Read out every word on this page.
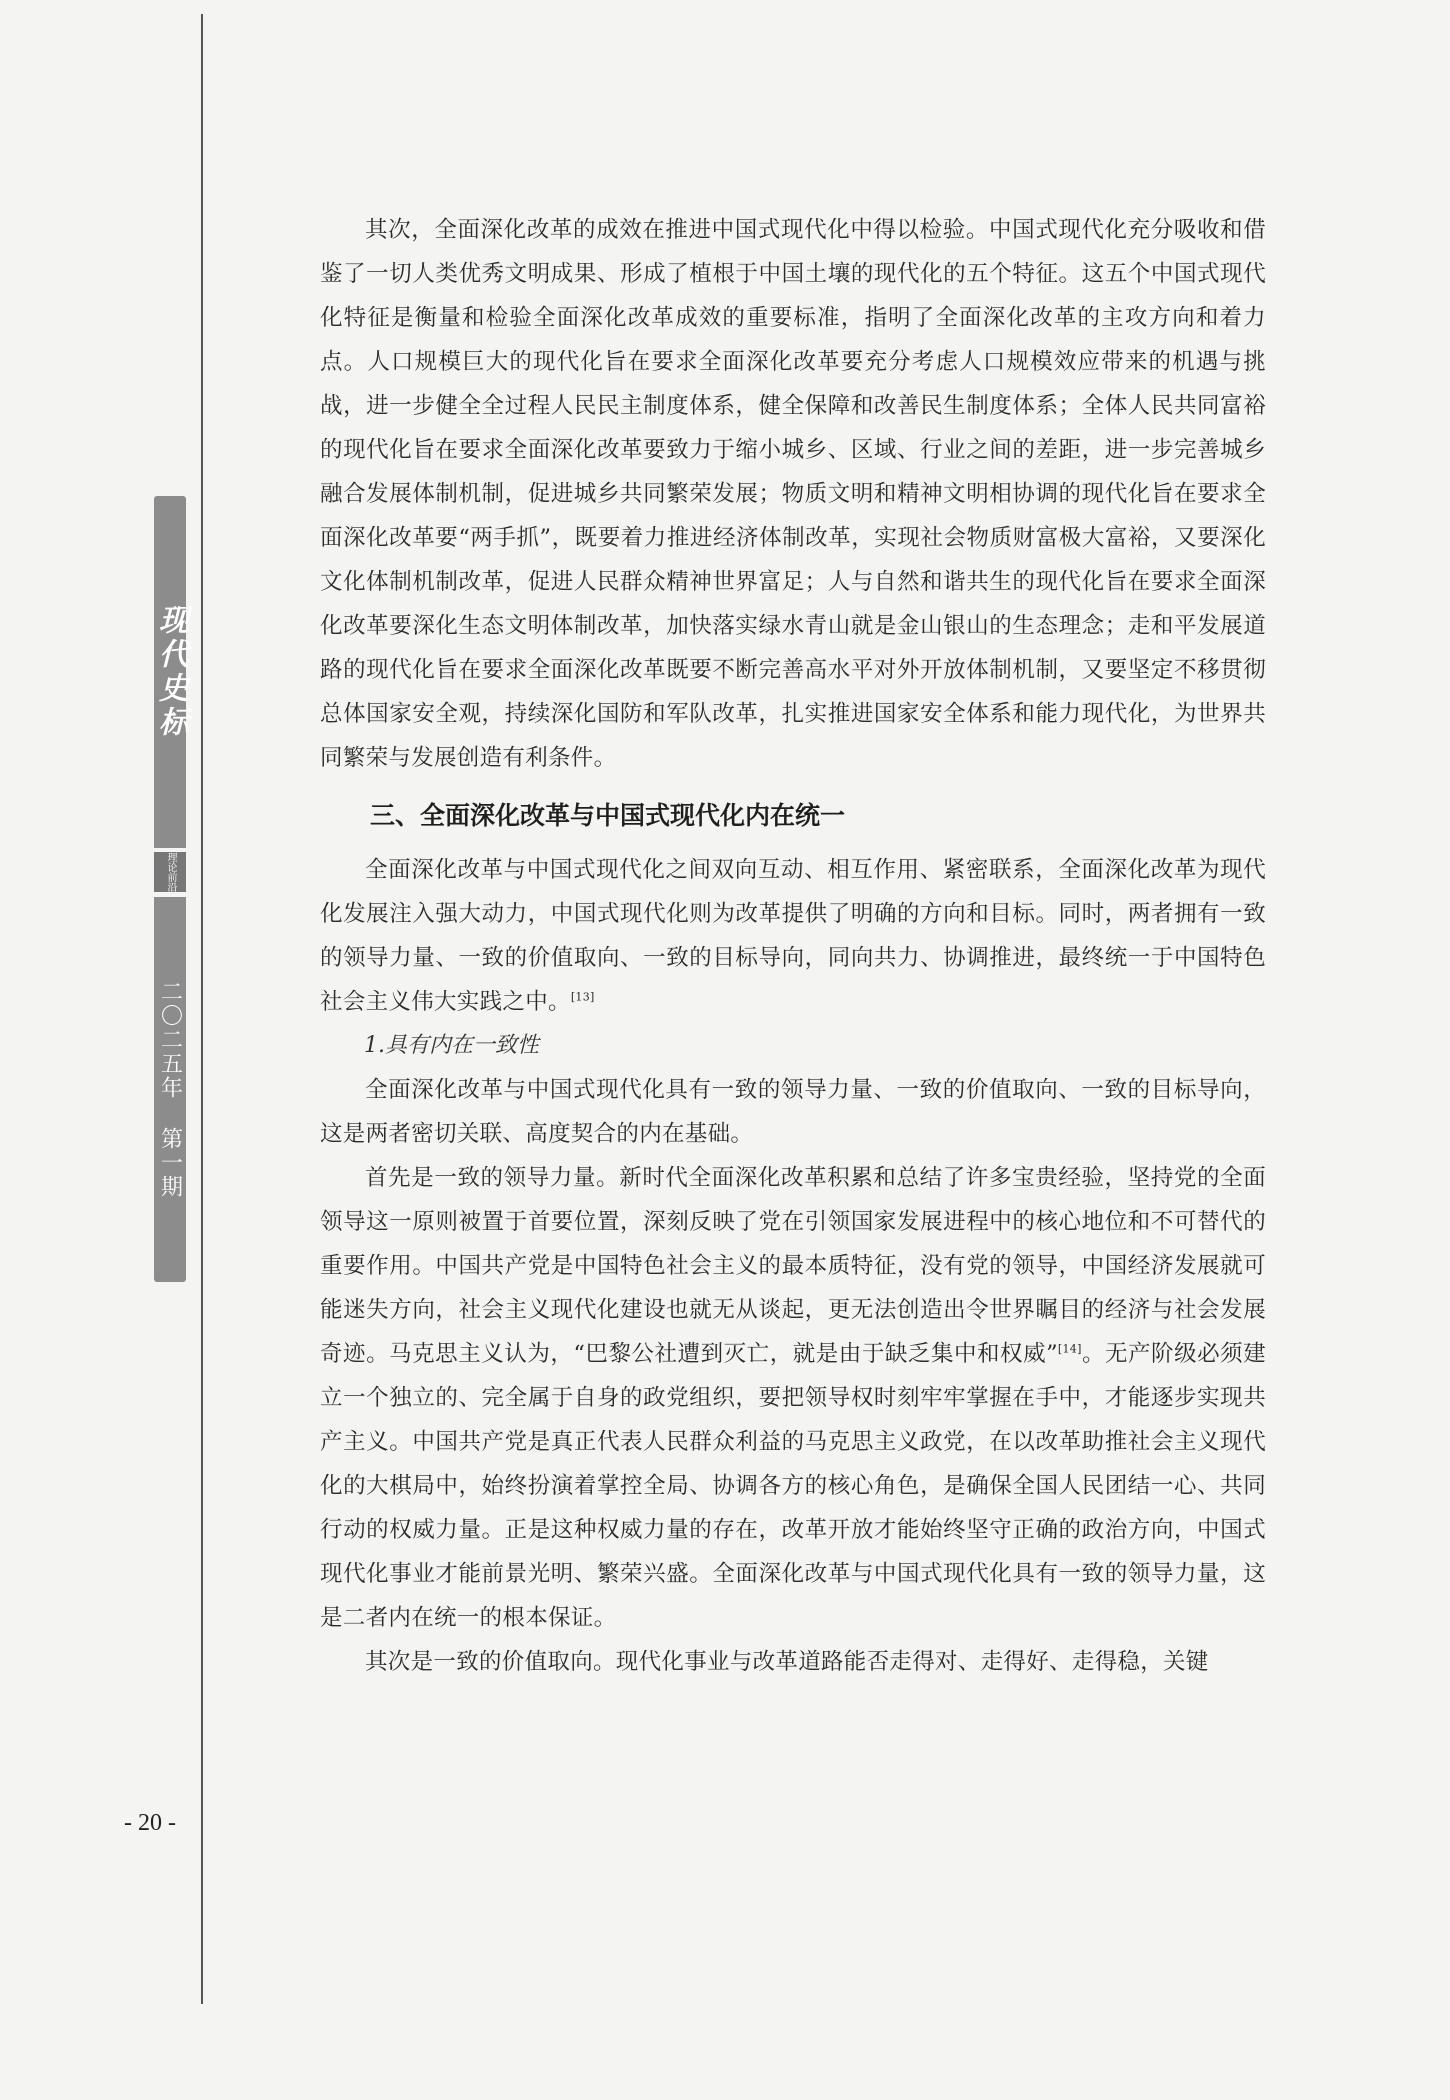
现代史标
理论前沿
二〇二五年 第一期
- 20 -

其次，全面深化改革的成效在推进中国式现代化中得以检验。中国式现代化充分吸收和借鉴了一切人类优秀文明成果、形成了植根于中国土壤的现代化的五个特征。这五个中国式现代化特征是衡量和检验全面深化改革成效的重要标准，指明了全面深化改革的主攻方向和着力点。人口规模巨大的现代化旨在要求全面深化改革要充分考虑人口规模效应带来的机遇与挑战，进一步健全全过程人民民主制度体系，健全保障和改善民生制度体系；全体人民共同富裕的现代化旨在要求全面深化改革要致力于缩小城乡、区域、行业之间的差距，进一步完善城乡融合发展体制机制，促进城乡共同繁荣发展；物质文明和精神文明相协调的现代化旨在要求全面深化改革要“两手抓”，既要着力推进经济体制改革，实现社会物质财富极大富裕，又要深化文化体制机制改革，促进人民群众精神世界富足；人与自然和谐共生的现代化旨在要求全面深化改革要深化生态文明体制改革，加快落实绿水青山就是金山银山的生态理念；走和平发展道路的现代化旨在要求全面深化改革既要不断完善高水平对外开放体制机制，又要坚定不移贯彻总体国家安全观，持续深化国防和军队改革，扎实推进国家安全体系和能力现代化，为世界共同繁荣与发展创造有利条件。

三、全面深化改革与中国式现代化内在统一

全面深化改革与中国式现代化之间双向互动、相互作用、紧密联系，全面深化改革为现代化发展注入强大动力，中国式现代化则为改革提供了明确的方向和目标。同时，两者拥有一致的领导力量、一致的价值取向、一致的目标导向，同向共力、协调推进，最终统一于中国特色社会主义伟大实践之中。[13]

1.具有内在一致性

全面深化改革与中国式现代化具有一致的领导力量、一致的价值取向、一致的目标导向，这是两者密切关联、高度契合的内在基础。

首先是一致的领导力量。新时代全面深化改革积累和总结了许多宝贵经验，坚持党的全面领导这一原则被置于首要位置，深刻反映了党在引领国家发展进程中的核心地位和不可替代的重要作用。中国共产党是中国特色社会主义的最本质特征，没有党的领导，中国经济发展就可能迷失方向，社会主义现代化建设也就无从谈起，更无法创造出令世界瞩目的经济与社会发展奇迹。马克思主义认为，“巴黎公社遭到灭亡，就是由于缺乏集中和权威”[14]。无产阶级必须建立一个独立的、完全属于自身的政党组织，要把领导权时刻牢牢掌握在手中，才能逐步实现共产主义。中国共产党是真正代表人民群众利益的马克思主义政党，在以改革助推社会主义现代化的大棋局中，始终扮演着掌控全局、协调各方的核心角色，是确保全国人民团结一心、共同行动的权威力量。正是这种权威力量的存在，改革开放才能始终坚守正确的政治方向，中国式现代化事业才能前景光明、繁荣兴盛。全面深化改革与中国式现代化具有一致的领导力量，这是二者内在统一的根本保证。

其次是一致的价值取向。现代化事业与改革道路能否走得对、走得好、走得稳，关键
